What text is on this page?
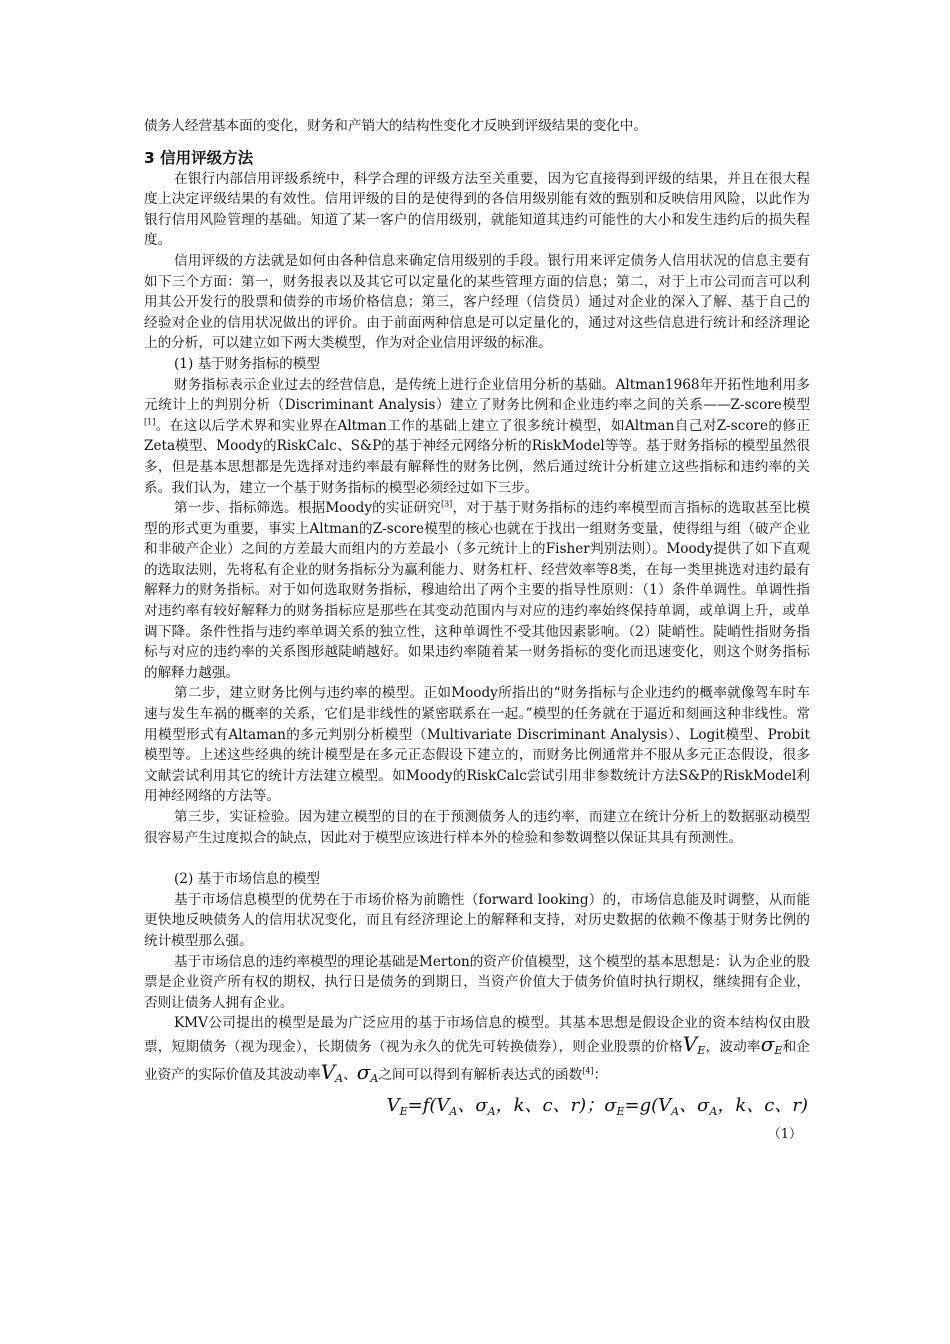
债务人经营基本面的变化，财务和产销大的结构性变化才反映到评级结果的变化中。

3 信用评级方法

在银行内部信用评级系统中，科学合理的评级方法至关重要，因为它直接得到评级的结果，并且在很大程度上决定评级结果的有效性。信用评级的目的是使得到的各信用级别能有效的甄别和反映信用风险，以此作为银行信用风险管理的基础。知道了某一客户的信用级别，就能知道其违约可能性的大小和发生违约后的损失程度。

信用评级的方法就是如何由各种信息来确定信用级别的手段。银行用来评定债务人信用状况的信息主要有如下三个方面：第一，财务报表以及其它可以定量化的某些管理方面的信息；第二，对于上市公司而言可以利用其公开发行的股票和债券的市场价格信息；第三，客户经理（信贷员）通过对企业的深入了解、基于自己的经验对企业的信用状况做出的评价。由于前面两种信息是可以定量化的，通过对这些信息进行统计和经济理论上的分析，可以建立如下两大类模型，作为对企业信用评级的标准。

(1) 基于财务指标的模型

财务指标表示企业过去的经营信息，是传统上进行企业信用分析的基础。Altman1968年开拓性地利用多元统计上的判别分析（Discriminant Analysis）建立了财务比例和企业违约率之间的关系——Z-score模型[1]。在这以后学术界和实业界在Altman工作的基础上建立了很多统计模型，如Altman自己对Z-score的修正Zeta模型、Moody的RiskCalc、S&P的基于神经元网络分析的RiskModel等等。基于财务指标的模型虽然很多，但是基本思想都是先选择对违约率最有解释性的财务比例，然后通过统计分析建立这些指标和违约率的关系。我们认为，建立一个基于财务指标的模型必须经过如下三步。

第一步、指标筛选。根据Moody的实证研究[3]，对于基于财务指标的违约率模型而言指标的选取甚至比模型的形式更为重要，事实上Altman的Z-score模型的核心也就在于找出一组财务变量，使得组与组（破产企业和非破产企业）之间的方差最大而组内的方差最小（多元统计上的Fisher判别法则）。Moody提供了如下直观的选取法则，先将私有企业的财务指标分为赢利能力、财务杠杆、经营效率等8类，在每一类里挑选对违约最有解释力的财务指标。对于如何选取财务指标，穆迪给出了两个主要的指导性原则：（1）条件单调性。单调性指对违约率有较好解释力的财务指标应是那些在其变动范围内与对应的违约率始终保持单调，或单调上升，或单调下降。条件性指与违约率单调关系的独立性，这种单调性不受其他因素影响。（2）陡峭性。陡峭性指财务指标与对应的违约率的关系图形越陡峭越好。如果违约率随着某一财务指标的变化而迅速变化，则这个财务指标的解释力越强。

第二步，建立财务比例与违约率的模型。正如Moody所指出的“财务指标与企业违约的概率就像驾车时车速与发生车祸的概率的关系，它们是非线性的紧密联系在一起。”模型的任务就在于逼近和刻画这种非线性。常用模型形式有Altaman的多元判别分析模型（Multivariate Discriminant Analysis）、Logit模型、Probit模型等。上述这些经典的统计模型是在多元正态假设下建立的，而财务比例通常并不服从多元正态假设，很多文献尝试利用其它的统计方法建立模型。如Moody的RiskCalc尝试引用非参数统计方法S&P的RiskModel利用神经网络的方法等。

第三步，实证检验。因为建立模型的目的在于预测债务人的违约率，而建立在统计分析上的数据驱动模型很容易产生过度拟合的缺点，因此对于模型应该进行样本外的检验和参数调整以保证其具有预测性。

(2) 基于市场信息的模型

基于市场信息模型的优势在于市场价格为前瞻性（forward looking）的，市场信息能及时调整，从而能更快地反映债务人的信用状况变化，而且有经济理论上的解释和支持，对历史数据的依赖不像基于财务比例的统计模型那么强。

基于市场信息的违约率模型的理论基础是Merton的资产价值模型，这个模型的基本思想是：认为企业的股票是企业资产所有权的期权，执行日是债务的到期日，当资产价值大于债务价值时执行期权，继续拥有企业，否则让债务人拥有企业。

KMV公司提出的模型是最为广泛应用的基于市场信息的模型。其基本思想是假设企业的资本结构仅由股票，短期债务（视为现金），长期债务（视为永久的优先可转换债券），则企业股票的价格$V_E$，波动率$\sigma_E$和企业资产的实际价值及其波动率$V_A$、$\sigma_A$之间可以得到有解析表达式的函数[4]：

$V_E=f(V_A$、$\sigma_A$，k、c、r)；$\sigma_E=g(V_A$、$\sigma_A$，k、c、r)

（1）
